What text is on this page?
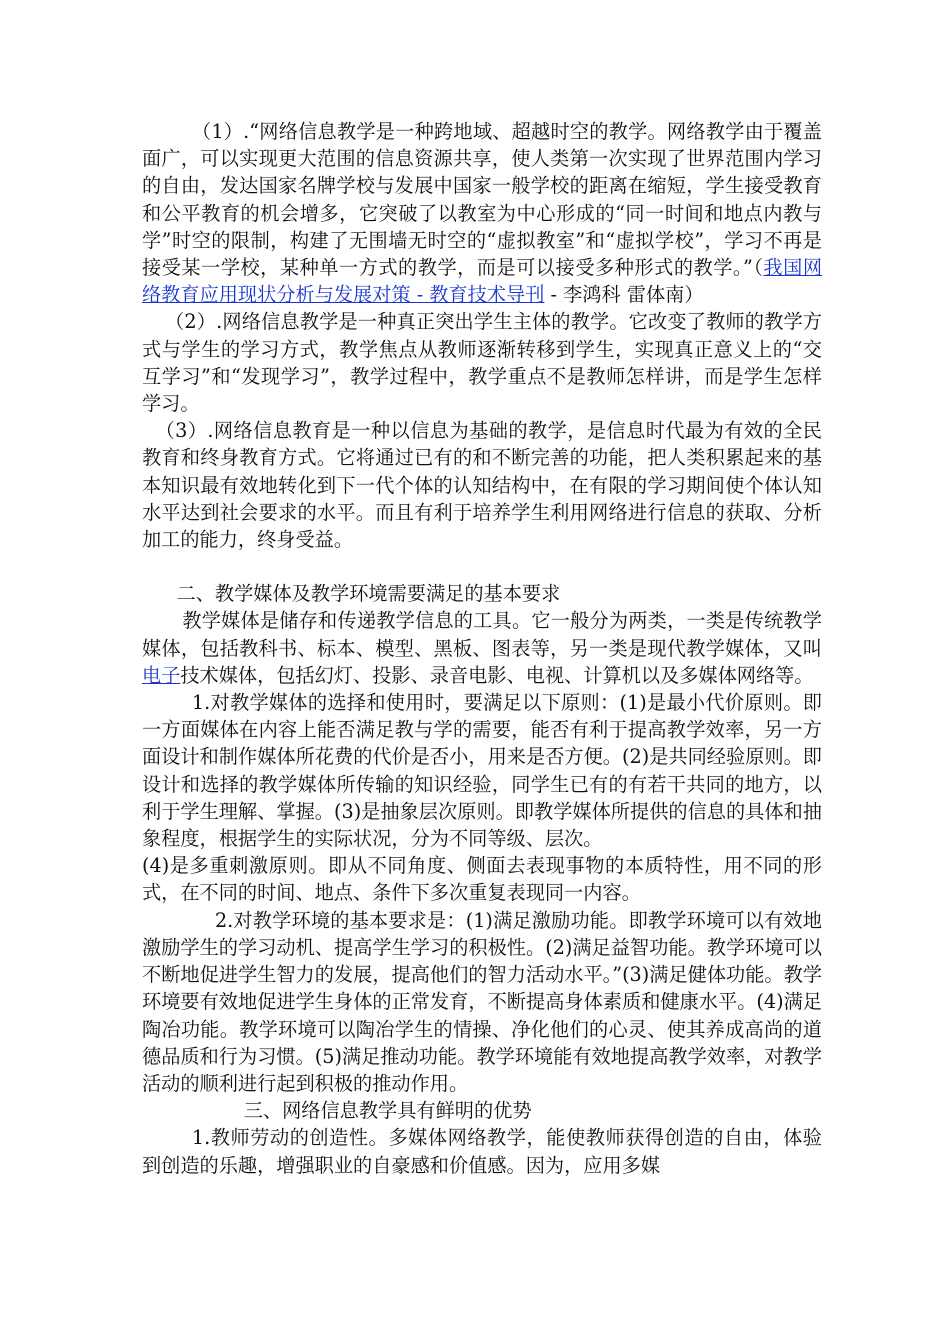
（1）.“网络信息教学是一种跨地域、超越时空的教学。网络教学由于覆盖面广，可以实现更大范围的信息资源共享，使人类第一次实现了世界范围内学习的自由，发达国家名牌学校与发展中国家一般学校的距离在缩短，学生接受教育和公平教育的机会增多，它突破了以教室为中心形成的“同一时间和地点内教与学”时空的限制，构建了无围墙无时空的“虚拟教室”和“虚拟学校”，学习不再是接受某一学校，某种单一方式的教学，而是可以接受多种形式的教学。”（我国网络教育应用现状分析与发展对策 - 教育技术导刊 - 李鸿科 雷体南）

（2）.网络信息教学是一种真正突出学生主体的教学。它改变了教师的教学方式与学生的学习方式，教学焦点从教师逐渐转移到学生，实现真正意义上的“交互学习”和“发现学习”，教学过程中，教学重点不是教师怎样讲，而是学生怎样学习。

（3）.网络信息教育是一种以信息为基础的教学，是信息时代最为有效的全民教育和终身教育方式。它将通过已有的和不断完善的功能，把人类积累起来的基本知识最有效地转化到下一代个体的认知结构中，在有限的学习期间使个体认知水平达到社会要求的水平。而且有利于培养学生利用网络进行信息的获取、分析加工的能力，终身受益。

二、教学媒体及教学环境需要满足的基本要求

教学媒体是储存和传递教学信息的工具。它一般分为两类，一类是传统教学媒体，包括教科书、标本、模型、黑板、图表等，另一类是现代教学媒体，又叫电子技术媒体，包括幻灯、投影、录音电影、电视、计算机以及多媒体网络等。

1.对教学媒体的选择和使用时，要满足以下原则：(1)是最小代价原则。即一方面媒体在内容上能否满足教与学的需要，能否有利于提高教学效率，另一方面设计和制作媒体所花费的代价是否小，用来是否方便。(2)是共同经验原则。即设计和选择的教学媒体所传输的知识经验，同学生已有的有若干共同的地方，以利于学生理解、掌握。(3)是抽象层次原则。即教学媒体所提供的信息的具体和抽象程度，根据学生的实际状况，分为不同等级、层次。

(4)是多重刺激原则。即从不同角度、侧面去表现事物的本质特性，用不同的形式，在不同的时间、地点、条件下多次重复表现同一内容。

2.对教学环境的基本要求是：(1)满足激励功能。即教学环境可以有效地激励学生的学习动机、提高学生学习的积极性。(2)满足益智功能。教学环境可以不断地促进学生智力的发展，提高他们的智力活动水平。”(3)满足健体功能。教学环境要有效地促进学生身体的正常发育，不断提高身体素质和健康水平。(4)满足陶冶功能。教学环境可以陶冶学生的情操、净化他们的心灵、使其养成高尚的道德品质和行为习惯。(5)满足推动功能。教学环境能有效地提高教学效率，对教学活动的顺利进行起到积极的推动作用。

三、网络信息教学具有鲜明的优势

1.教师劳动的创造性。多媒体网络教学，能使教师获得创造的自由，体验到创造的乐趣，增强职业的自豪感和价值感。因为，应用多媒
